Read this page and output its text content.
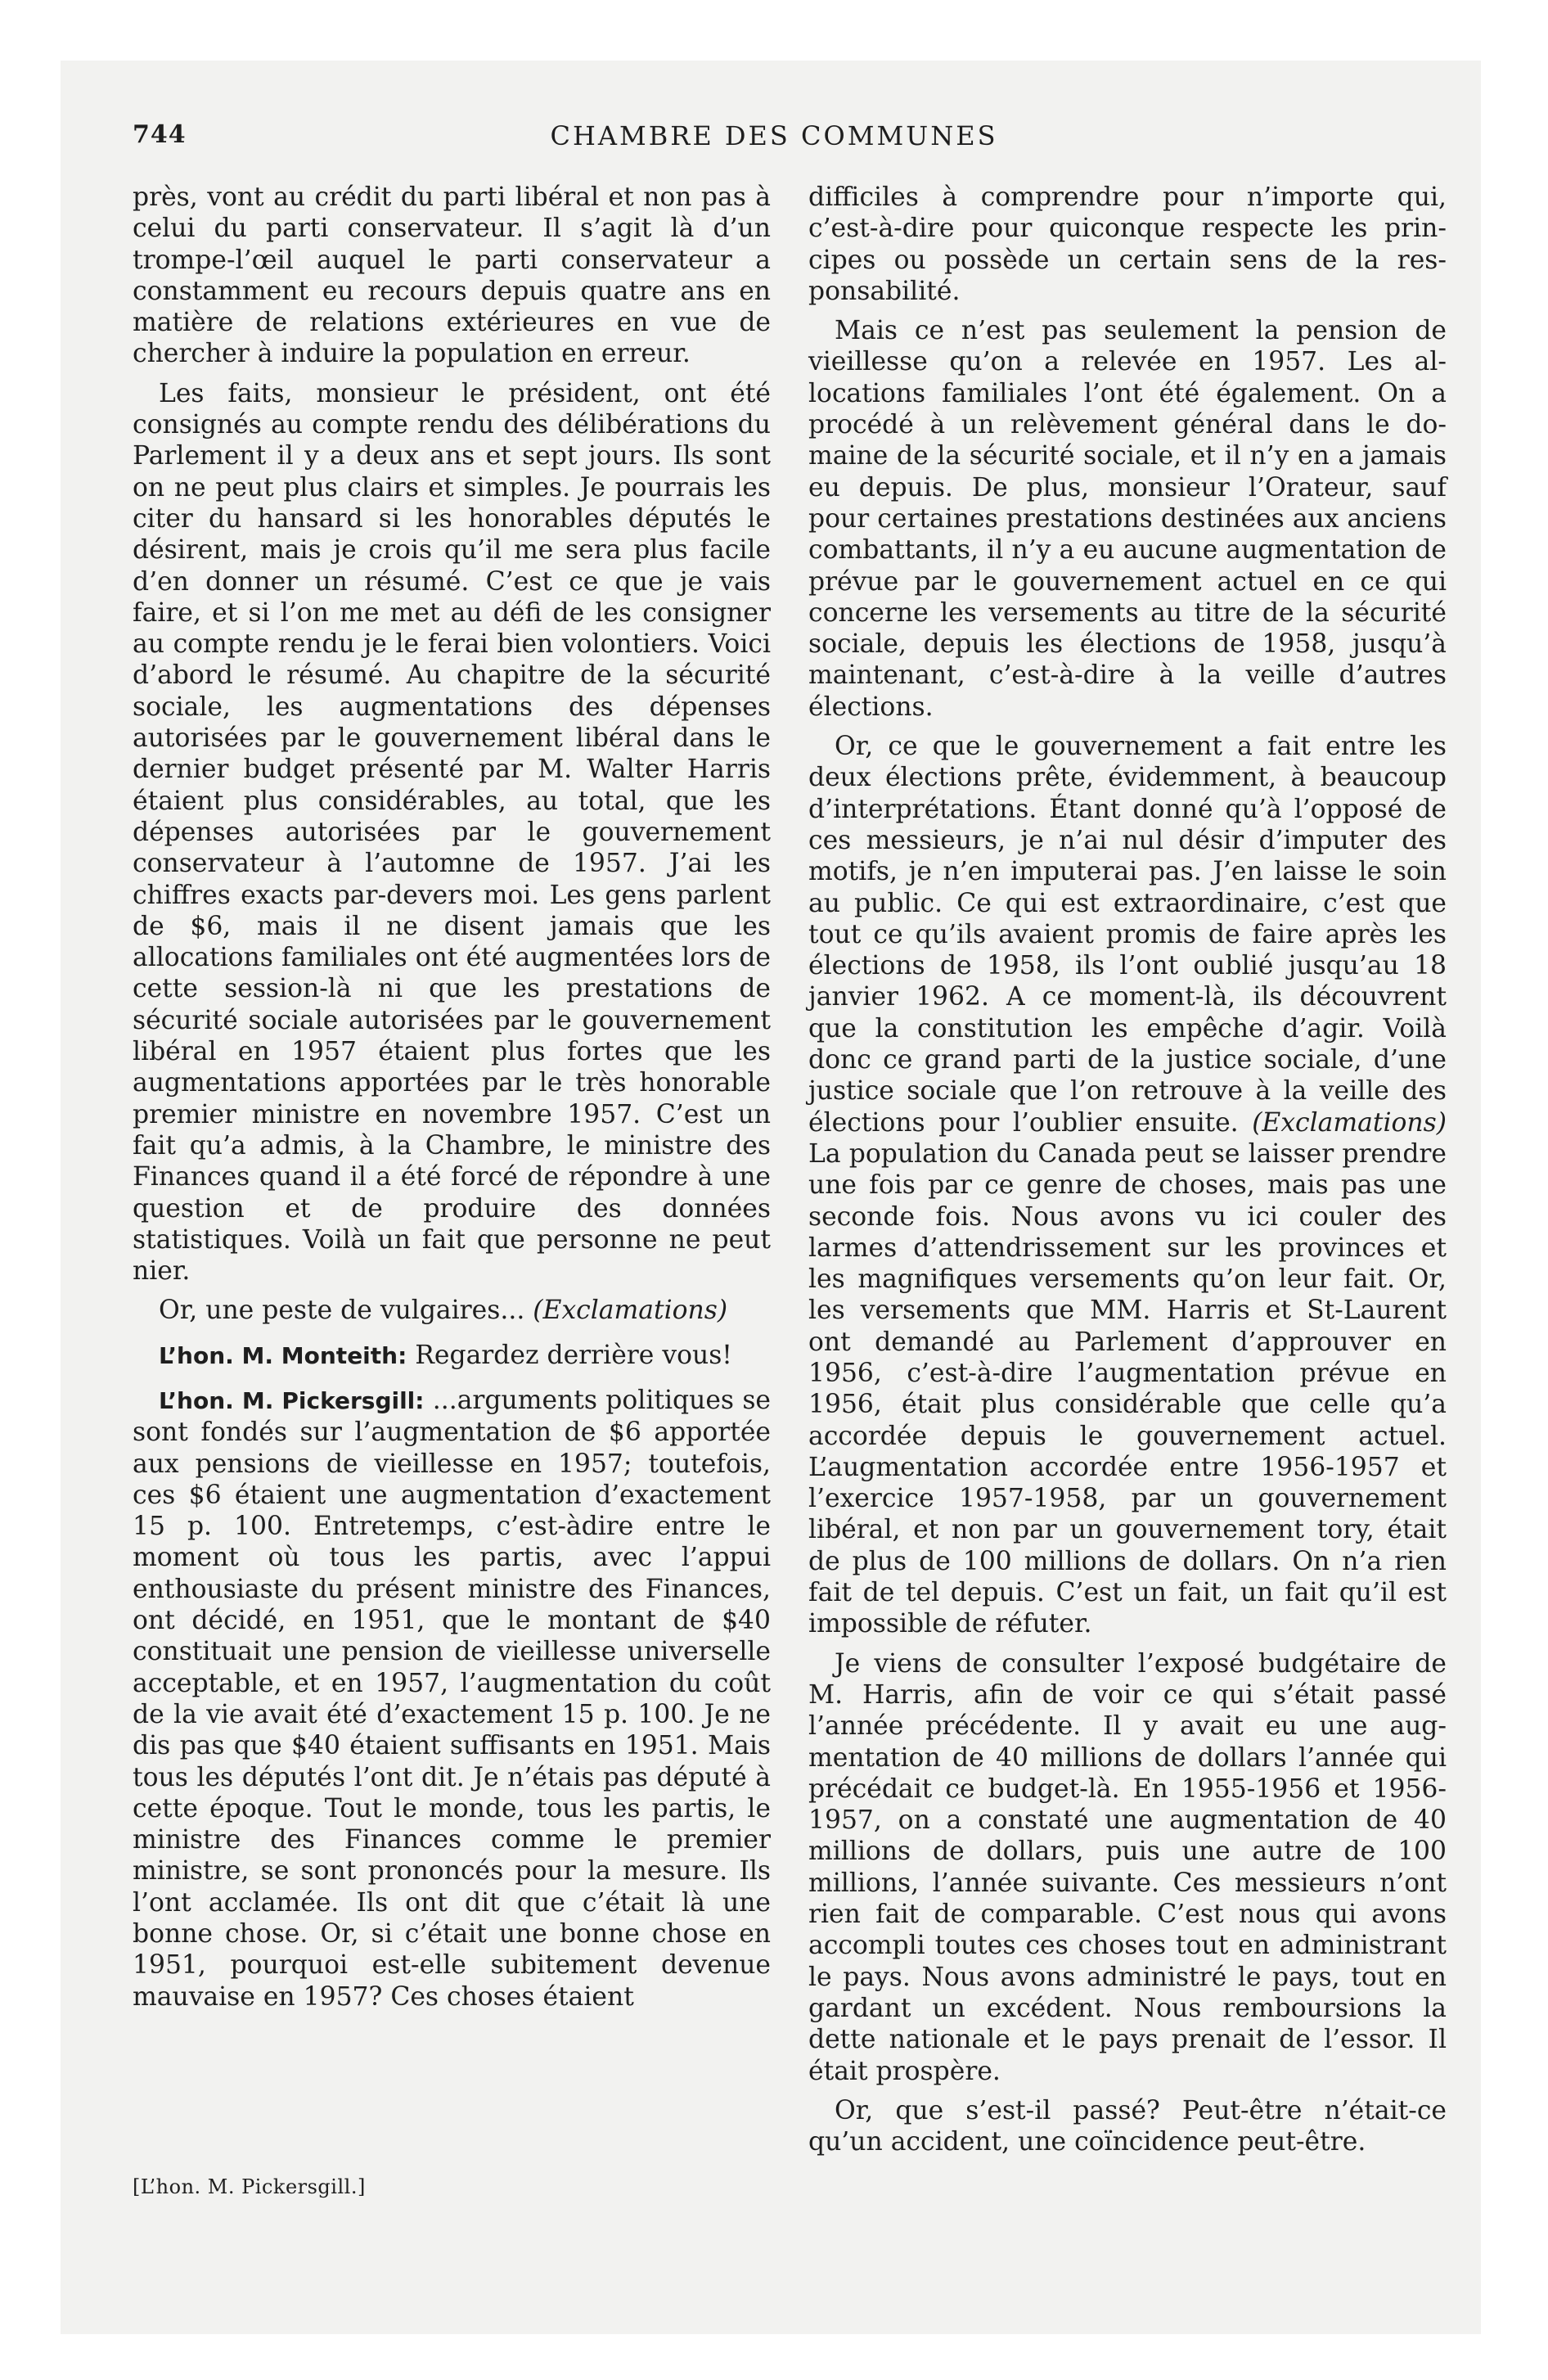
744	CHAMBRE DES COMMUNES

près, vont au crédit du parti libéral et non pas à celui du parti conservateur. Il s’agit là d’un trompe-l’œil auquel le parti conservateur a constamment eu recours depuis quatre ans en matière de relations extérieures en vue de chercher à induire la population en erreur.

Les faits, monsieur le président, ont été consignés au compte rendu des délibérations du Parlement il y a deux ans et sept jours. Ils sont on ne peut plus clairs et simples. Je pourrais les citer du hansard si les honorables députés le désirent, mais je crois qu’il me sera plus facile d’en donner un résumé. C’est ce que je vais faire, et si l’on me met au défi de les consigner au compte rendu je le ferai bien volontiers. Voici d’abord le résumé. Au chapitre de la sécurité sociale, les augmentations des dépenses autorisées par le gouvernement libéral dans le dernier budget présenté par M. Walter Harris étaient plus considérables, au total, que les dépenses autorisées par le gouvernement conservateur à l’automne de 1957. J’ai les chiffres exacts par-devers moi. Les gens parlent de $6, mais il ne disent jamais que les allocations familiales ont été augmentées lors de cette session-là ni que les prestations de sécurité sociale autorisées par le gouvernement libéral en 1957 étaient plus fortes que les augmentations apportées par le très honorable premier ministre en novembre 1957. C’est un fait qu’a admis, à la Chambre, le ministre des Finances quand il a été forcé de répondre à une question et de produire des données statistiques. Voilà un fait que personne ne peut nier.

Or, une peste de vulgaires... (Exclamations)

L’hon. M. Monteith: Regardez derrière vous!

L’hon. M. Pickersgill: ...arguments politiques se sont fondés sur l’augmentation de $6 apportée aux pensions de vieillesse en 1957; toutefois, ces $6 étaient une augmentation d’exactement 15 p. 100. Entretemps, c’est-àdire entre le moment où tous les partis, avec l’appui enthousiaste du présent ministre des Finances, ont décidé, en 1951, que le montant de $40 constituait une pension de vieillesse universelle acceptable, et en 1957, l’augmentation du coût de la vie avait été d’exactement 15 p. 100. Je ne dis pas que $40 étaient suffisants en 1951. Mais tous les députés l’ont dit. Je n’étais pas député à cette époque. Tout le monde, tous les partis, le ministre des Finances comme le premier ministre, se sont prononcés pour la mesure. Ils l’ont acclamée. Ils ont dit que c’était là une bonne chose. Or, si c’était une bonne chose en 1951, pourquoi est-elle subitement devenue mauvaise en 1957? Ces choses étaient

difficiles à comprendre pour n’importe qui, c’est-à-dire pour quiconque respecte les principes ou possède un certain sens de la responsabilité.

Mais ce n’est pas seulement la pension de vieillesse qu’on a relevée en 1957. Les allocations familiales l’ont été également. On a procédé à un relèvement général dans le domaine de la sécurité sociale, et il n’y en a jamais eu depuis. De plus, monsieur l’Orateur, sauf pour certaines prestations destinées aux anciens combattants, il n’y a eu aucune augmentation de prévue par le gouvernement actuel en ce qui concerne les versements au titre de la sécurité sociale, depuis les élections de 1958, jusqu’à maintenant, c’est-à-dire à la veille d’autres élections.

Or, ce que le gouvernement a fait entre les deux élections prête, évidemment, à beaucoup d’interprétations. Étant donné qu’à l’opposé de ces messieurs, je n’ai nul désir d’imputer des motifs, je n’en imputerai pas. J’en laisse le soin au public. Ce qui est extraordinaire, c’est que tout ce qu’ils avaient promis de faire après les élections de 1958, ils l’ont oublié jusqu’au 18 janvier 1962. A ce moment-là, ils découvrent que la constitution les empêche d’agir. Voilà donc ce grand parti de la justice sociale, d’une justice sociale que l’on retrouve à la veille des élections pour l’oublier ensuite. (Exclamations) La population du Canada peut se laisser prendre une fois par ce genre de choses, mais pas une seconde fois. Nous avons vu ici couler des larmes d’attendrissement sur les provinces et les magnifiques versements qu’on leur fait. Or, les versements que MM. Harris et St-Laurent ont demandé au Parlement d’approuver en 1956, c’est-à-dire l’augmentation prévue en 1956, était plus considérable que celle qu’a accordée depuis le gouvernement actuel. L’augmentation accordée entre 1956-1957 et l’exercice 1957-1958, par un gouvernement libéral, et non par un gouvernement tory, était de plus de 100 millions de dollars. On n’a rien fait de tel depuis. C’est un fait, un fait qu’il est impossible de réfuter.

Je viens de consulter l’exposé budgétaire de M. Harris, afin de voir ce qui s’était passé l’année précédente. Il y avait eu une augmentation de 40 millions de dollars l’année qui précédait ce budget-là. En 1955-1956 et 1956-1957, on a constaté une augmentation de 40 millions de dollars, puis une autre de 100 millions, l’année suivante. Ces messieurs n’ont rien fait de comparable. C’est nous qui avons accompli toutes ces choses tout en administrant le pays. Nous avons administré le pays, tout en gardant un excédent. Nous remboursions la dette nationale et le pays prenait de l’essor. Il était prospère.

Or, que s’est-il passé? Peut-être n’était-ce qu’un accident, une coïncidence peut-être.

[L’hon. M. Pickersgill.]
